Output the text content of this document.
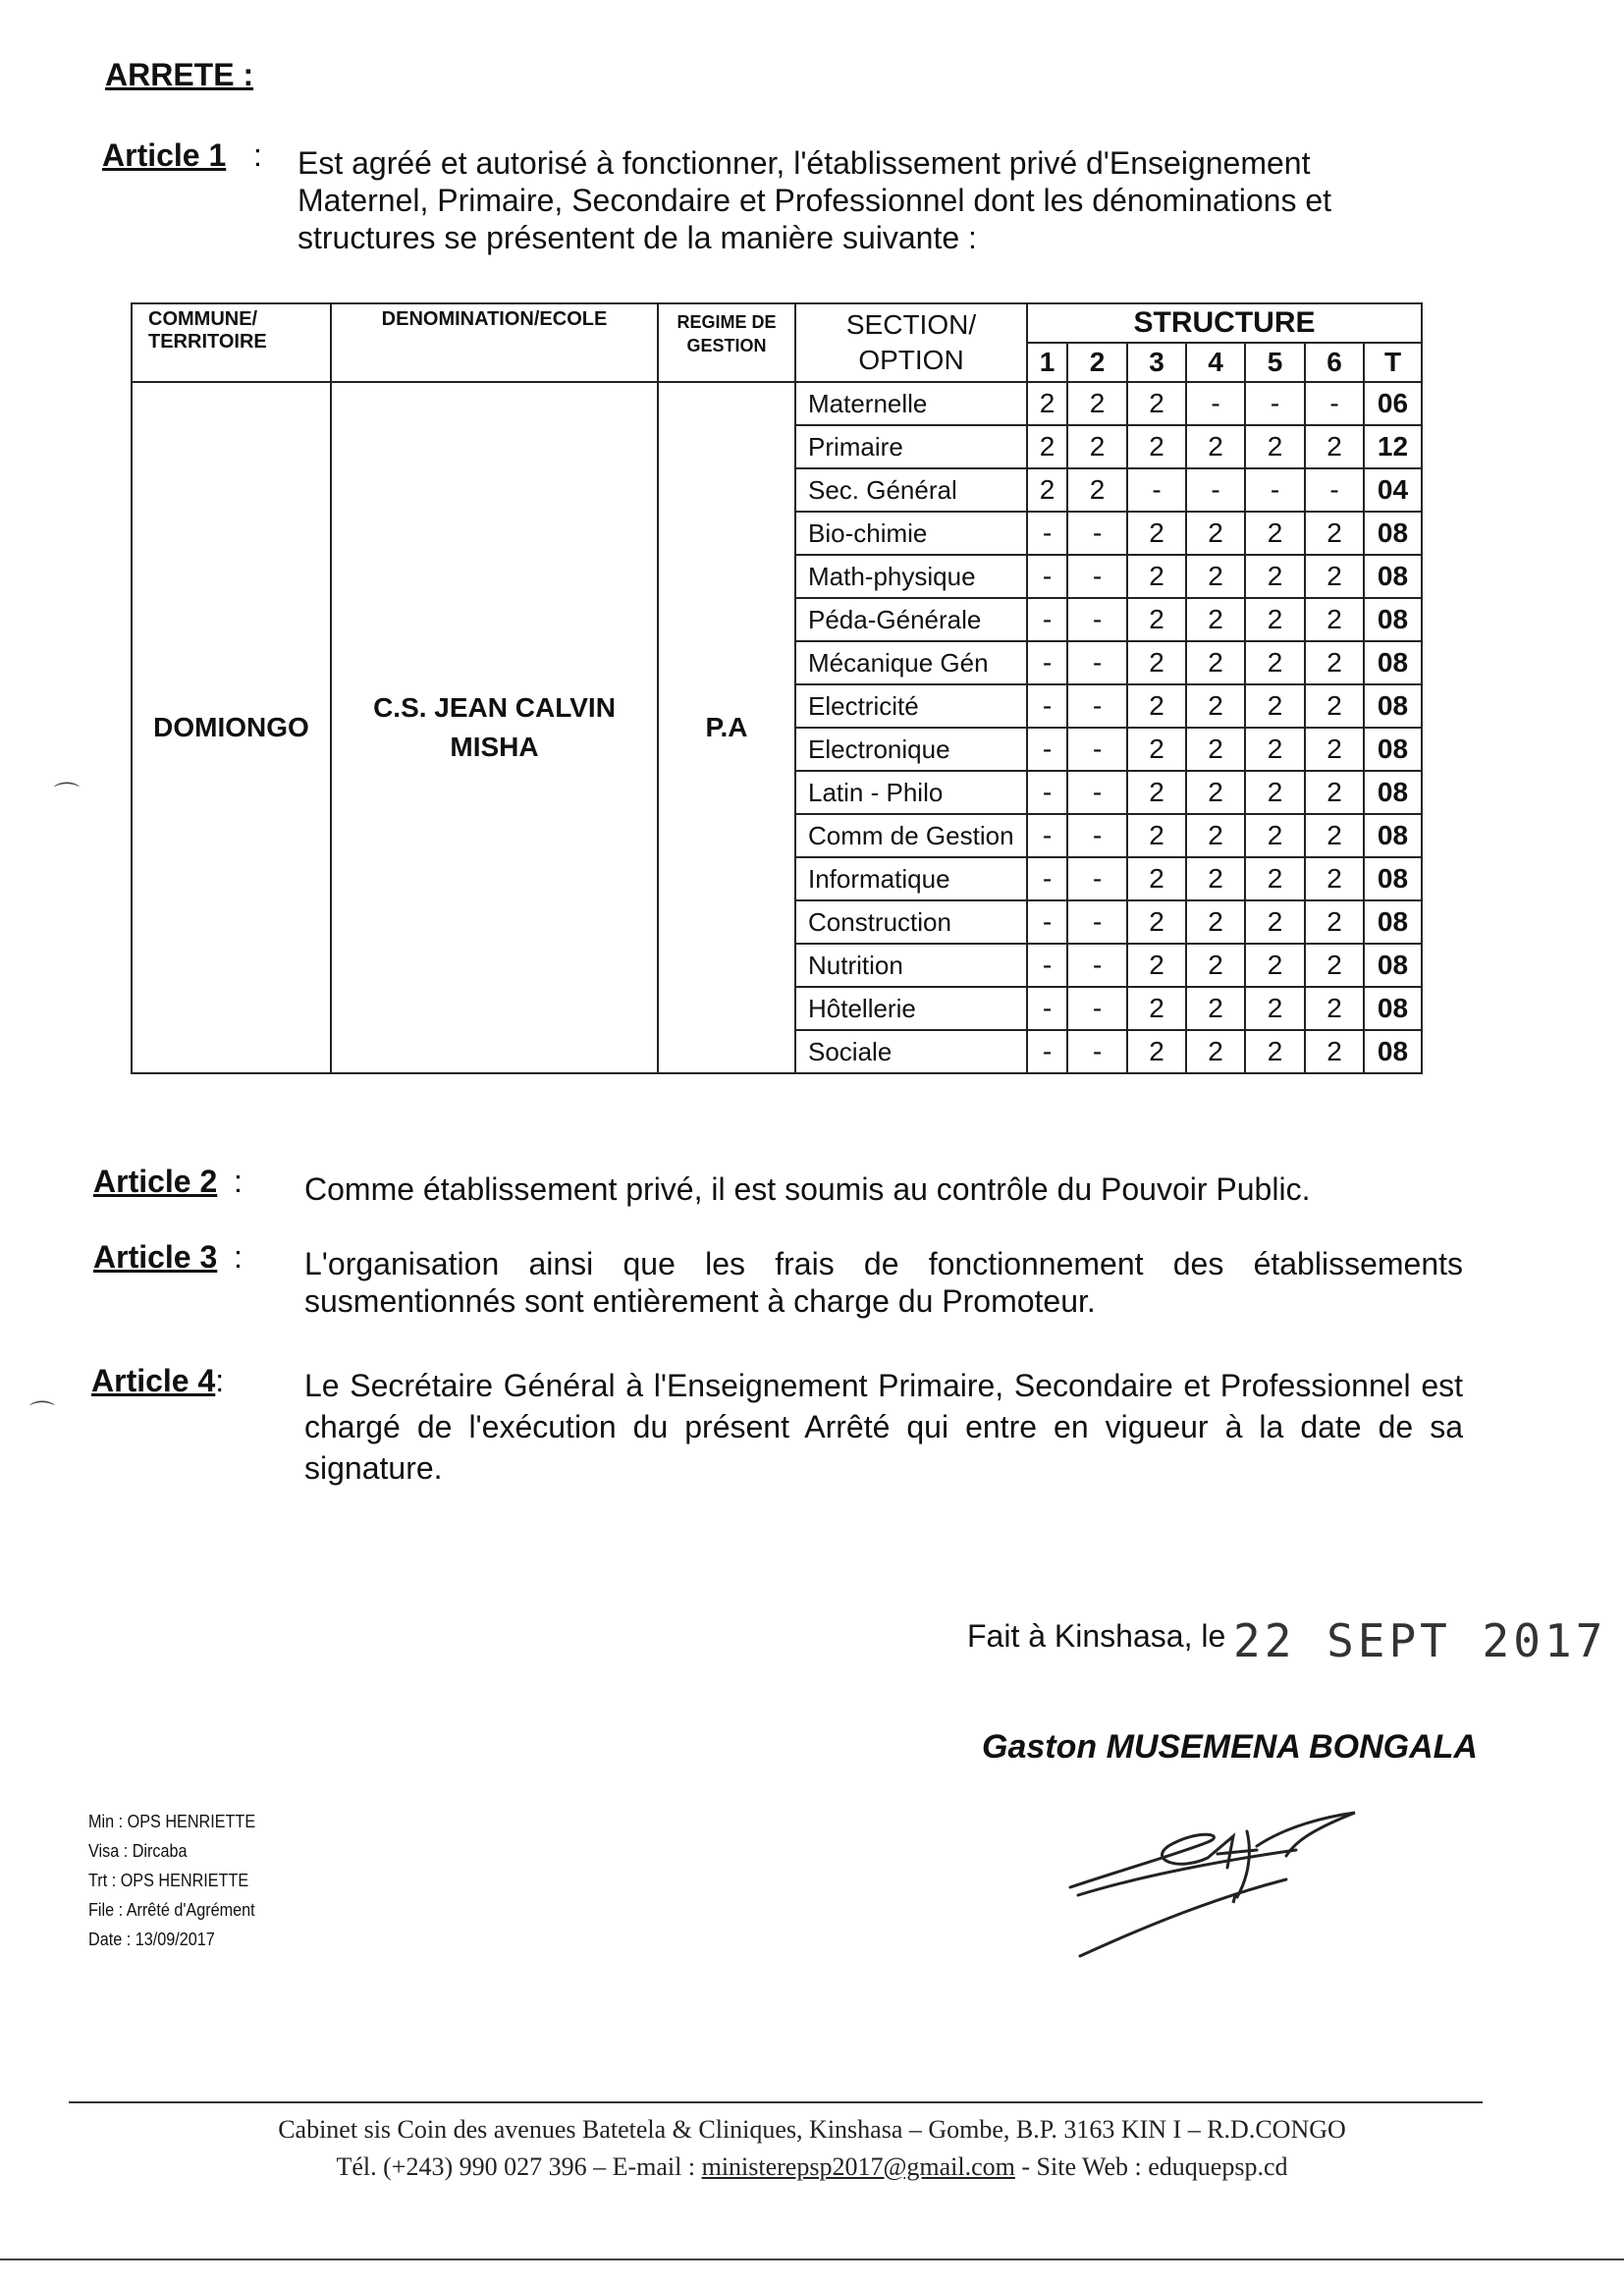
ARRETE :
Article 1 : Est agréé et autorisé à fonctionner, l'établissement privé d'Enseignement Maternel, Primaire, Secondaire et Professionnel dont les dénominations et structures se présentent de la manière suivante :
COMMUNE/ TERRITOIRE	DENOMINATION/ECOLE	REGIME DE GESTION	SECTION/ OPTION	STRUCTURE						
				1	2	3	4	5	6	T
DOMIONGO	C.S. JEAN CALVIN MISHA	P.A	Maternelle	2	2	2	-	-	-	06
			Primaire	2	2	2	2	2	2	12
			Sec. Général	2	2	-	-	-	-	04
			Bio-chimie	-	-	2	2	2	2	08
			Math-physique	-	-	2	2	2	2	08
			Péda-Générale	-	-	2	2	2	2	08
			Mécanique Gén	-	-	2	2	2	2	08
			Electricité	-	-	2	2	2	2	08
			Electronique	-	-	2	2	2	2	08
			Latin - Philo	-	-	2	2	2	2	08
			Comm de Gestion	-	-	2	2	2	2	08
			Informatique	-	-	2	2	2	2	08
			Construction	-	-	2	2	2	2	08
			Nutrition	-	-	2	2	2	2	08
			Hôtellerie	-	-	2	2	2	2	08
			Sociale	-	-	2	2	2	2	08
Article 2 : Comme établissement privé, il est soumis au contrôle du Pouvoir Public.
Article 3 : L'organisation ainsi que les frais de fonctionnement des établissements susmentionnés sont entièrement à charge du Promoteur.
Article 4:	Le Secrétaire Général à l'Enseignement Primaire, Secondaire et Professionnel est chargé de l'exécution du présent Arrêté qui entre en vigueur à la date de sa signature.
Fait à Kinshasa, le 22 SEPT 2017
Gaston MUSEMENA BONGALA
Min : OPS HENRIETTE
Visa : Dircaba
Trt : OPS HENRIETTE
File : Arrêté d'Agrément
Date : 13/09/2017
⌒
⌒
Cabinet sis Coin des avenues Batetela & Cliniques, Kinshasa – Gombe, B.P. 3163 KIN I – R.D.CONGO
Tél. (+243) 990 027 396 – E-mail : ministerepsp2017@gmail.com - Site Web : eduquepsp.cd
